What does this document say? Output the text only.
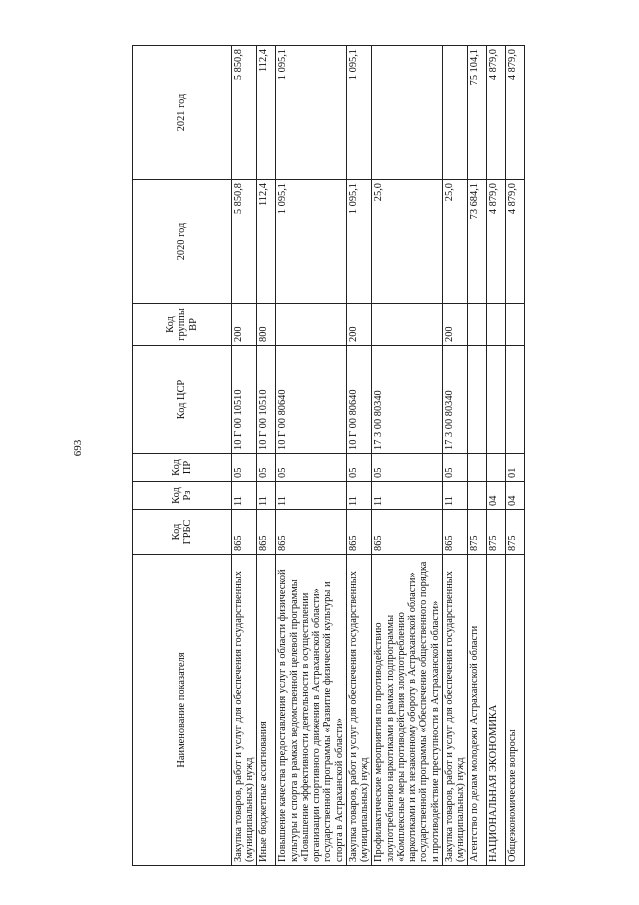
693
Наименование показателя	Код ГРБС	Код Рз	Код ПР	Код ЦСР	Код группы ВР	2020 год	2021 год
Закупка товаров, работ и услуг для обеспечения государственных (муниципальных) нужд	865	11	05	10 Г 00 10510	200	5 850,8	5 850,8
Иные бюджетные ассигнования	865	11	05	10 Г 00 10510	800	112,4	112,4
Повышение качества предоставления услуг в области физической культуры и спорта в рамках ведомственной целевой программы «Повышение эффективности деятельности в осуществлении организации спортивного движения в Астраханской области» государственной программы «Развитие физической культуры и спорта в Астраханской области»	865	11	05	10 Г 00 80640		1 095,1	1 095,1
Закупка товаров, работ и услуг для обеспечения государственных (муниципальных) нужд	865	11	05	10 Г 00 80640	200	1 095,1	1 095,1
Профилактические мероприятия по противодействию злоупотреблению наркотиками в рамках подпрограммы «Комплексные меры противодействия злоупотреблению наркотиками и их незаконному обороту в Астраханской области» государственной программы «Обеспечение общественного порядка и противодействие преступности в Астраханской области»	865	11	05	17 3 00 80340		25,0	
Закупка товаров, работ и услуг для обеспечения государственных (муниципальных) нужд	865	11	05	17 3 00 80340	200	25,0	
Агентство по делам молодежи Астраханской области	875					73 684,1	75 104,1
НАЦИОНАЛЬНАЯ ЭКОНОМИКА	875	04				4 879,0	4 879,0
Общеэкономические вопросы	875	04	01			4 879,0	4 879,0
